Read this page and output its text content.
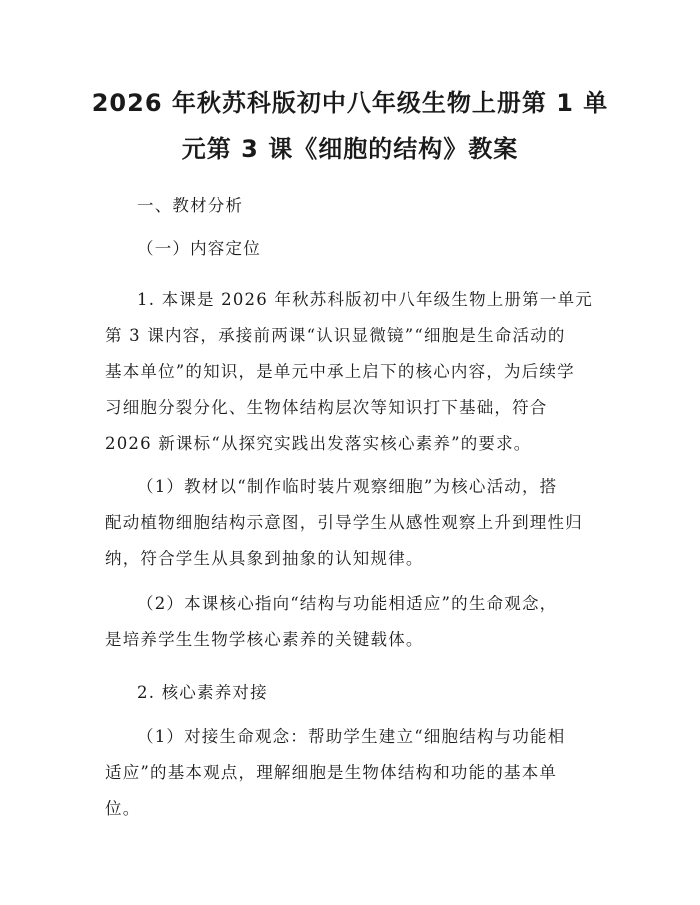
2026 年秋苏科版初中八年级生物上册第 1 单
元第 3 课《细胞的结构》教案
一、教材分析
（一）内容定位
1. 本课是 2026 年秋苏科版初中八年级生物上册第一单元
第 3 课内容，承接前两课“认识显微镜”“细胞是生命活动的
基本单位”的知识，是单元中承上启下的核心内容，为后续学
习细胞分裂分化、生物体结构层次等知识打下基础，符合
2026 新课标“从探究实践出发落实核心素养”的要求。
（1）教材以“制作临时装片观察细胞”为核心活动，搭
配动植物细胞结构示意图，引导学生从感性观察上升到理性归
纳，符合学生从具象到抽象的认知规律。
（2）本课核心指向“结构与功能相适应”的生命观念，
是培养学生生物学核心素养的关键载体。
2. 核心素养对接
（1）对接生命观念：帮助学生建立“细胞结构与功能相
适应”的基本观点，理解细胞是生物体结构和功能的基本单
位。
